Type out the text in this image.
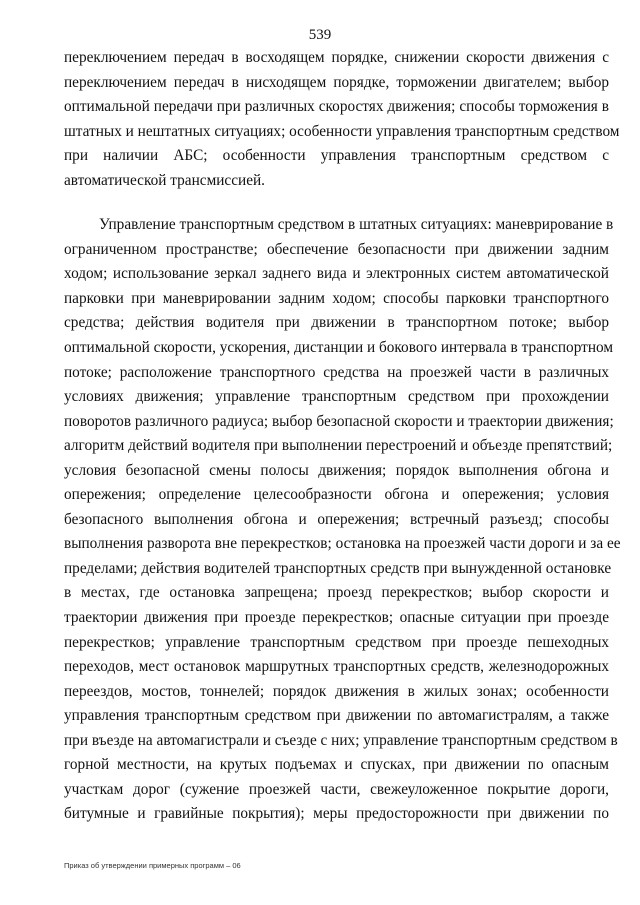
539
переключением передач в восходящем порядке, снижении скорости движения с
переключением передач в нисходящем порядке, торможении двигателем; выбор
оптимальной передачи при различных скоростях движения; способы торможения в
штатных и нештатных ситуациях; особенности управления транспортным средством
при наличии АБС; особенности управления транспортным средством с
автоматической трансмиссией.
Управление транспортным средством в штатных ситуациях: маневрирование в
ограниченном пространстве; обеспечение безопасности при движении задним
ходом; использование зеркал заднего вида и электронных систем автоматической
парковки при маневрировании задним ходом; способы парковки транспортного
средства; действия водителя при движении в транспортном потоке; выбор
оптимальной скорости, ускорения, дистанции и бокового интервала в транспортном
потоке; расположение транспортного средства на проезжей части в различных
условиях движения; управление транспортным средством при прохождении
поворотов различного радиуса; выбор безопасной скорости и траектории движения;
алгоритм действий водителя при выполнении перестроений и объезде препятствий;
условия безопасной смены полосы движения; порядок выполнения обгона и
опережения; определение целесообразности обгона и опережения; условия
безопасного выполнения обгона и опережения; встречный разъезд; способы
выполнения разворота вне перекрестков; остановка на проезжей части дороги и за ее
пределами; действия водителей транспортных средств при вынужденной остановке
в местах, где остановка запрещена; проезд перекрестков; выбор скорости и
траектории движения при проезде перекрестков; опасные ситуации при проезде
перекрестков; управление транспортным средством при проезде пешеходных
переходов, мест остановок маршрутных транспортных средств, железнодорожных
переездов, мостов, тоннелей; порядок движения в жилых зонах; особенности
управления транспортным средством при движении по автомагистралям, а также
при въезде на автомагистрали и съезде с них; управление транспортным средством в
горной местности, на крутых подъемах и спусках, при движении по опасным
участкам дорог (сужение проезжей части, свежеуложенное покрытие дороги,
битумные и гравийные покрытия); меры предосторожности при движении по
Приказ об утверждении примерных программ – 06
